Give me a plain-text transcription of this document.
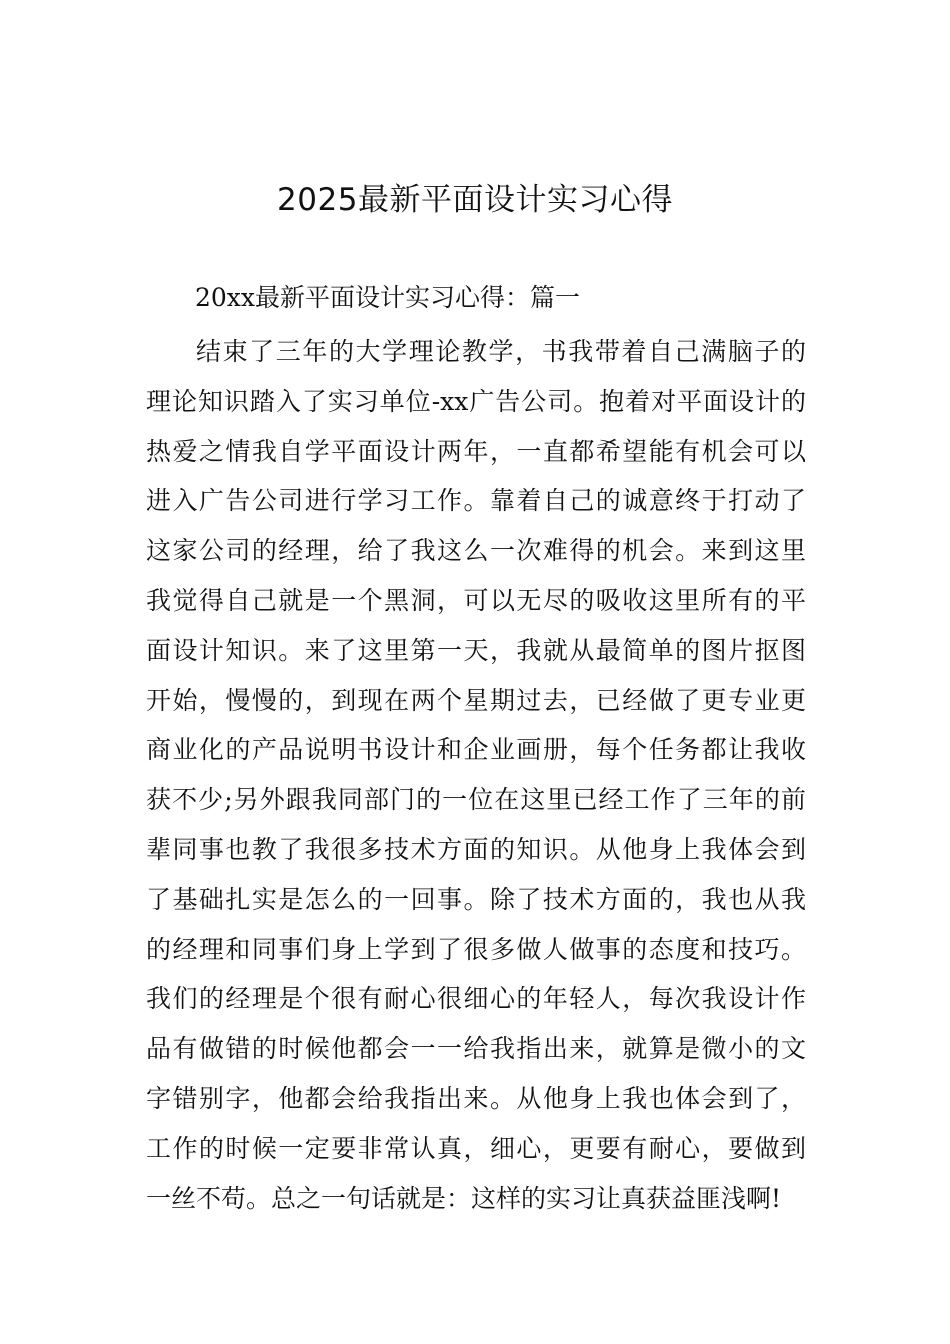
2025最新平面设计实习心得

20xx最新平面设计实习心得：篇一

结束了三年的大学理论教学，书我带着自己满脑子的
理论知识踏入了实习单位-xx广告公司。抱着对平面设计的
热爱之情我自学平面设计两年，一直都希望能有机会可以
进入广告公司进行学习工作。靠着自己的诚意终于打动了
这家公司的经理，给了我这么一次难得的机会。来到这里
我觉得自己就是一个黑洞，可以无尽的吸收这里所有的平
面设计知识。来了这里第一天，我就从最简单的图片抠图
开始，慢慢的，到现在两个星期过去，已经做了更专业更
商业化的产品说明书设计和企业画册，每个任务都让我收
获不少;另外跟我同部门的一位在这里已经工作了三年的前
辈同事也教了我很多技术方面的知识。从他身上我体会到
了基础扎实是怎么的一回事。除了技术方面的，我也从我
的经理和同事们身上学到了很多做人做事的态度和技巧。
我们的经理是个很有耐心很细心的年轻人，每次我设计作
品有做错的时候他都会一一给我指出来，就算是微小的文
字错别字，他都会给我指出来。从他身上我也体会到了，
工作的时候一定要非常认真，细心，更要有耐心，要做到
一丝不苟。总之一句话就是：这样的实习让真获益匪浅啊!
